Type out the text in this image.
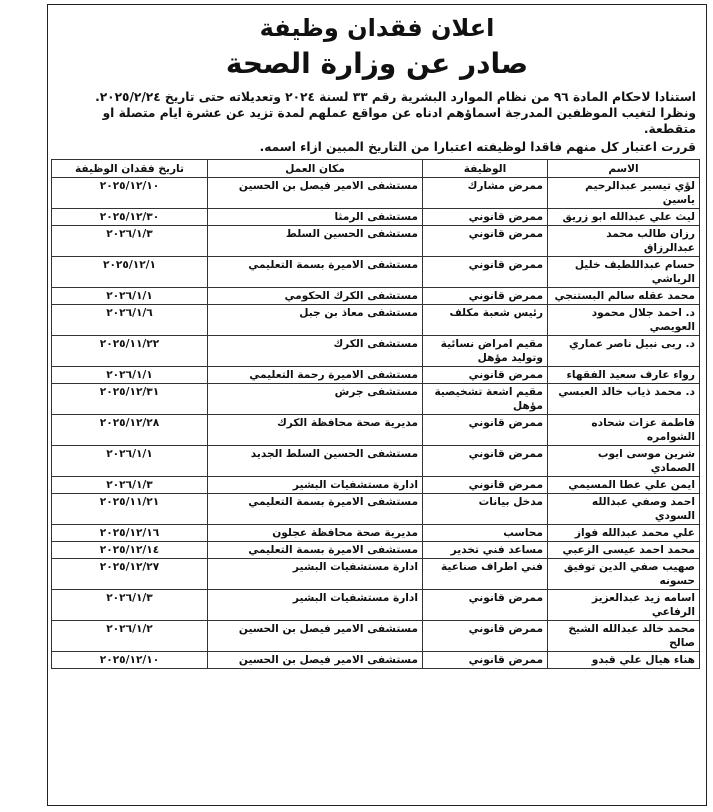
اعلان فقدان وظيفة
صادر عن وزارة الصحة
استنادا لاحكام المادة ٩٦ من نظام الموارد البشرية رقم ٣٣ لسنة ٢٠٢٤ وتعديلاته حتى تاريخ ٢٠٢٥/٢/٢٤. ونظرا لتغيب الموظفين المدرجة اسماؤهم ادناه عن مواقع عملهم لمدة تزيد عن عشرة ايام متصلة او متقطعة.
قررت اعتبار كل منهم فاقدا لوظيفته اعتبارا من التاريخ المبين ازاء اسمه.
الاسم	الوظيفة	مكان العمل	تاريخ فقدان الوظيفة
لؤي تيسير عبدالرحيم ياسين	ممرض مشارك	مستشفى الامير فيصل بن الحسين	٢٠٢٥/١٢/١٠
ليث علي عبدالله ابو زريق	ممرض قانوني	مستشفى الرمثا	٢٠٢٥/١٢/٣٠
رزان طالب محمد عبدالرزاق	ممرض قانوني	مستشفى الحسين السلط	٢٠٢٦/١/٣
حسام عبداللطيف خليل الرياشي	ممرض قانوني	مستشفى الاميرة بسمة التعليمي	٢٠٢٥/١٢/١
محمد عقله سالم البستنجي	ممرض قانوني	مستشفى الكرك الحكومي	٢٠٢٦/١/١
د. احمد جلال محمود العويصي	رئيس شعبة مكلف	مستشفى معاذ بن جبل	٢٠٢٦/١/٦
د. ربى نبيل ناصر عماري	مقيم امراض نسائية وتوليد مؤهل	مستشفى الكرك	٢٠٢٥/١١/٢٢
رواء عارف سعيد الفقهاء	ممرض قانوني	مستشفى الاميرة رحمة التعليمي	٢٠٢٦/١/١
د. محمد ذياب خالد العبسي	مقيم اشعة تشخيصية مؤهل	مستشفى جرش	٢٠٢٥/١٢/٣١
فاطمة عزات شحاده الشوامره	ممرض قانوني	مديرية صحة محافظة الكرك	٢٠٢٥/١٢/٢٨
شرين موسى ايوب الصمادي	ممرض قانوني	مستشفى الحسين السلط الجديد	٢٠٢٦/١/١
ايمن علي عطا المسيمي	ممرض قانوني	ادارة مستشفيات البشير	٢٠٢٦/١/٣
احمد وصفي عبدالله السودي	مدخل بيانات	مستشفى الاميرة بسمة التعليمي	٢٠٢٥/١١/٢١
علي محمد عبدالله فواز	محاسب	مديرية صحة محافظة عجلون	٢٠٢٥/١٢/١٦
محمد احمد عيسى الزعبي	مساعد فني تخدير	مستشفى الاميرة بسمة التعليمي	٢٠٢٥/١٢/١٤
صهيب صفي الدين توفيق حسونه	فني اطراف صناعية	ادارة مستشفيات البشير	٢٠٢٥/١٢/٢٧
اسامه زيد عبدالعزيز الرفاعي	ممرض قانوني	ادارة مستشفيات البشير	٢٠٢٦/١/٣
محمد خالد عبدالله الشيخ صالح	ممرض قانوني	مستشفى الامير فيصل بن الحسين	٢٠٢٦/١/٢
هناء هيال علي قبدو	ممرض قانوني	مستشفى الامير فيصل بن الحسين	٢٠٢٥/١٢/١٠
